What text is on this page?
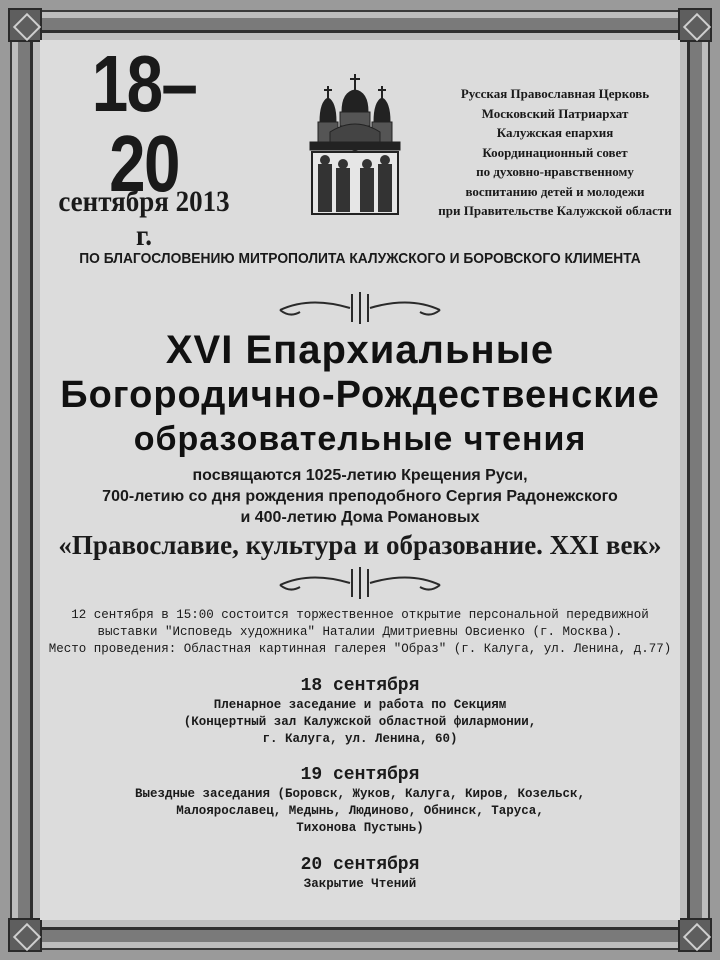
18–20
сентября 2013 г.
Русская Православная Церковь
Московский Патриархат
Калужская епархия
Координационный совет
по духовно-нравственному
воспитанию детей и молодежи
при Правительстве Калужской области
ПО БЛАГОСЛОВЕНИЮ МИТРОПОЛИТА КАЛУЖСКОГО И БОРОВСКОГО КЛИМЕНТА
XVI Епархиальные
Богородично-Рождественские
образовательные чтения
посвящаются 1025-летию Крещения Руси,
700-летию со дня рождения преподобного Сергия Радонежского
и 400-летию Дома Романовых
«Православие, культура и образование. XXI век»
12 сентября в 15:00 состоится торжественное открытие персональной передвижной
выставки "Исповедь художника" Наталии Дмитриевны Овсиенко (г. Москва).
Место проведения: Областная картинная галерея "Образ" (г. Калуга, ул. Ленина, д.77)
18 сентября
Пленарное заседание и работа по Секциям
(Концертный зал Калужской областной филармонии,
г. Калуга, ул. Ленина, 60)
19 сентября
Выездные заседания (Боровск, Жуков, Калуга, Киров, Козельск,
Малоярославец, Медынь, Людиново, Обнинск, Таруса,
Тихонова Пустынь)
20 сентября
Закрытие Чтений
